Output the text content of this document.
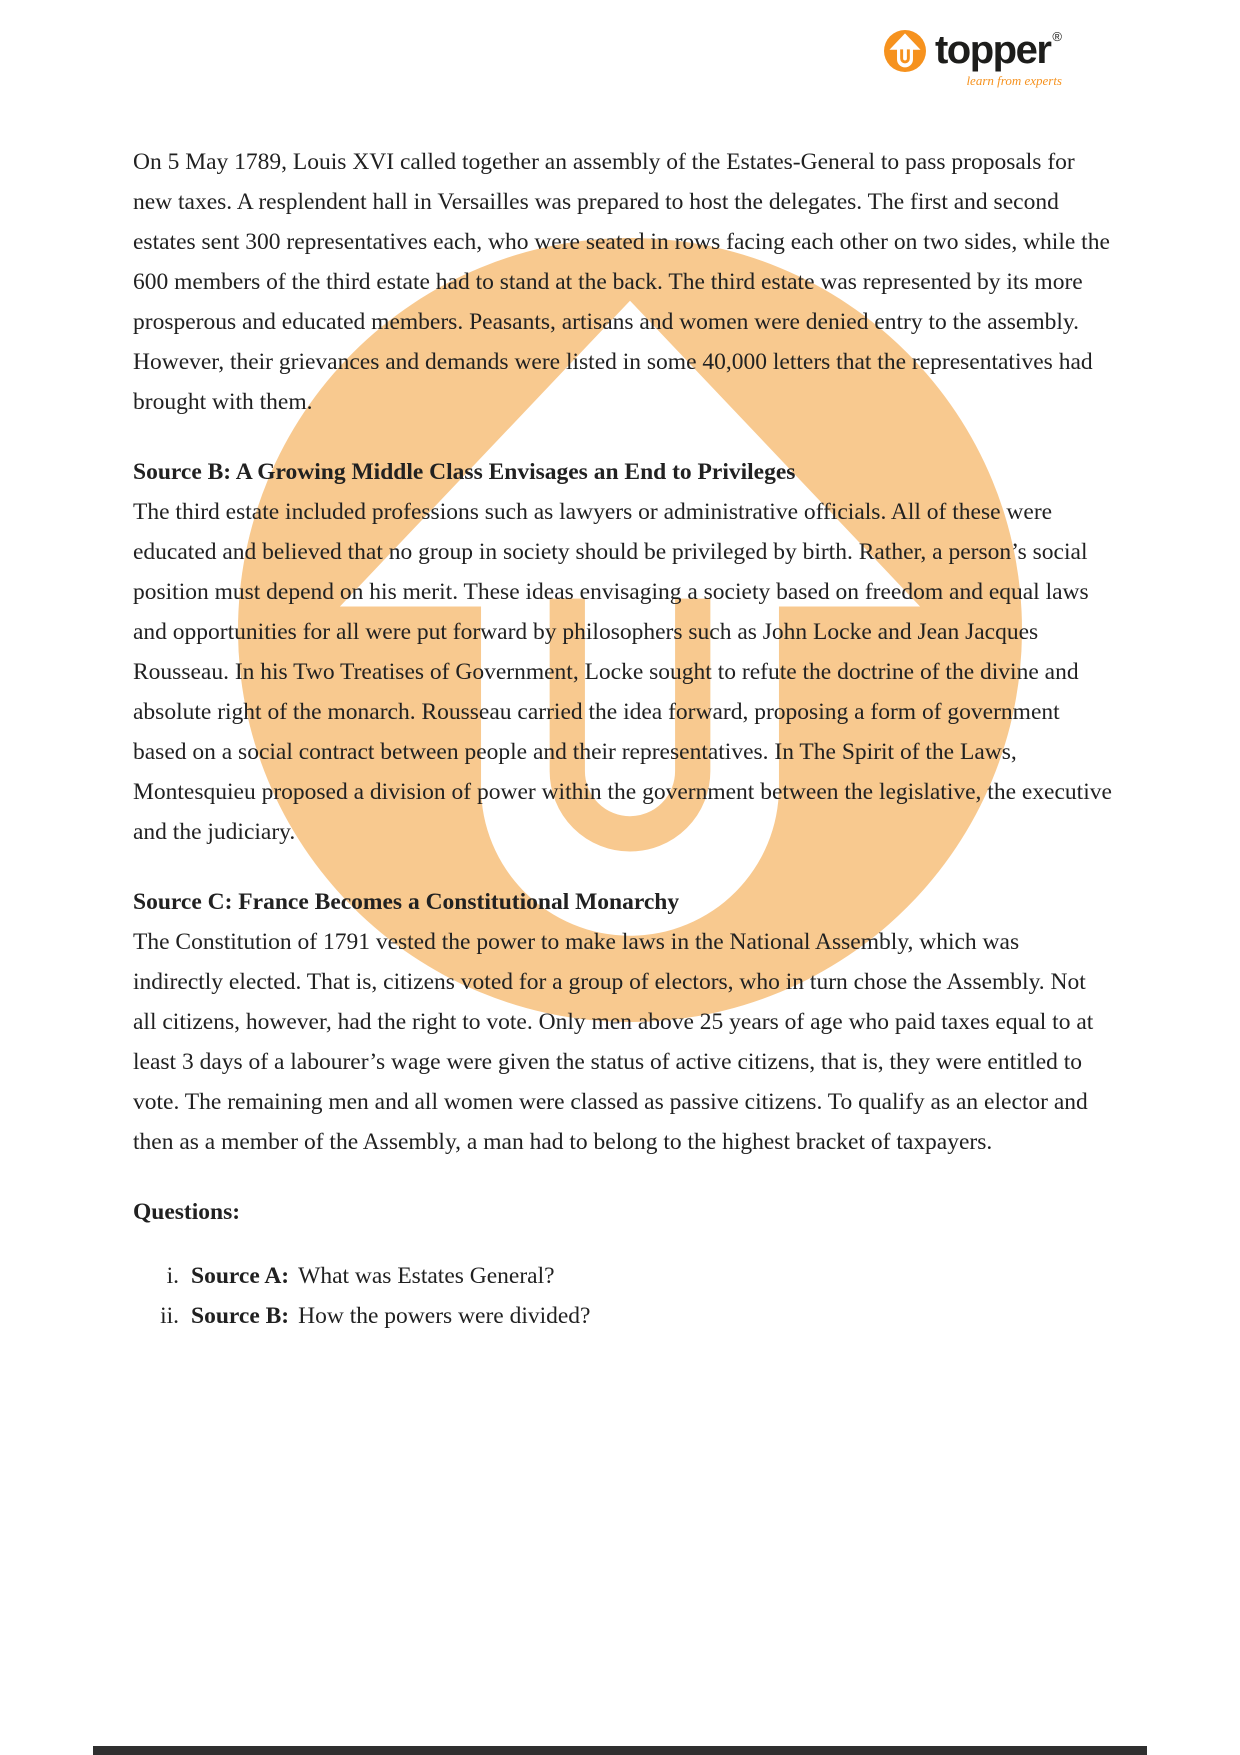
topper ®
learn from experts

On 5 May 1789, Louis XVI called together an assembly of the Estates-General to pass proposals for new taxes. A resplendent hall in Versailles was prepared to host the delegates. The first and second estates sent 300 representatives each, who were seated in rows facing each other on two sides, while the 600 members of the third estate had to stand at the back. The third estate was represented by its more prosperous and educated members. Peasants, artisans and women were denied entry to the assembly. However, their grievances and demands were listed in some 40,000 letters that the representatives had brought with them.

Source B: A Growing Middle Class Envisages an End to Privileges

The third estate included professions such as lawyers or administrative officials. All of these were educated and believed that no group in society should be privileged by birth. Rather, a person’s social position must depend on his merit. These ideas envisaging a society based on freedom and equal laws and opportunities for all were put forward by philosophers such as John Locke and Jean Jacques Rousseau. In his Two Treatises of Government, Locke sought to refute the doctrine of the divine and absolute right of the monarch. Rousseau carried the idea forward, proposing a form of government based on a social contract between people and their representatives. In The Spirit of the Laws, Montesquieu proposed a division of power within the government between the legislative, the executive and the judiciary.

Source C: France Becomes a Constitutional Monarchy

The Constitution of 1791 vested the power to make laws in the National Assembly, which was indirectly elected. That is, citizens voted for a group of electors, who in turn chose the Assembly. Not all citizens, however, had the right to vote. Only men above 25 years of age who paid taxes equal to at least 3 days of a labourer’s wage were given the status of active citizens, that is, they were entitled to vote. The remaining men and all women were classed as passive citizens. To qualify as an elector and then as a member of the Assembly, a man had to belong to the highest bracket of taxpayers.

Questions:
i. Source A: What was Estates General?
ii. Source B: How the powers were divided?
